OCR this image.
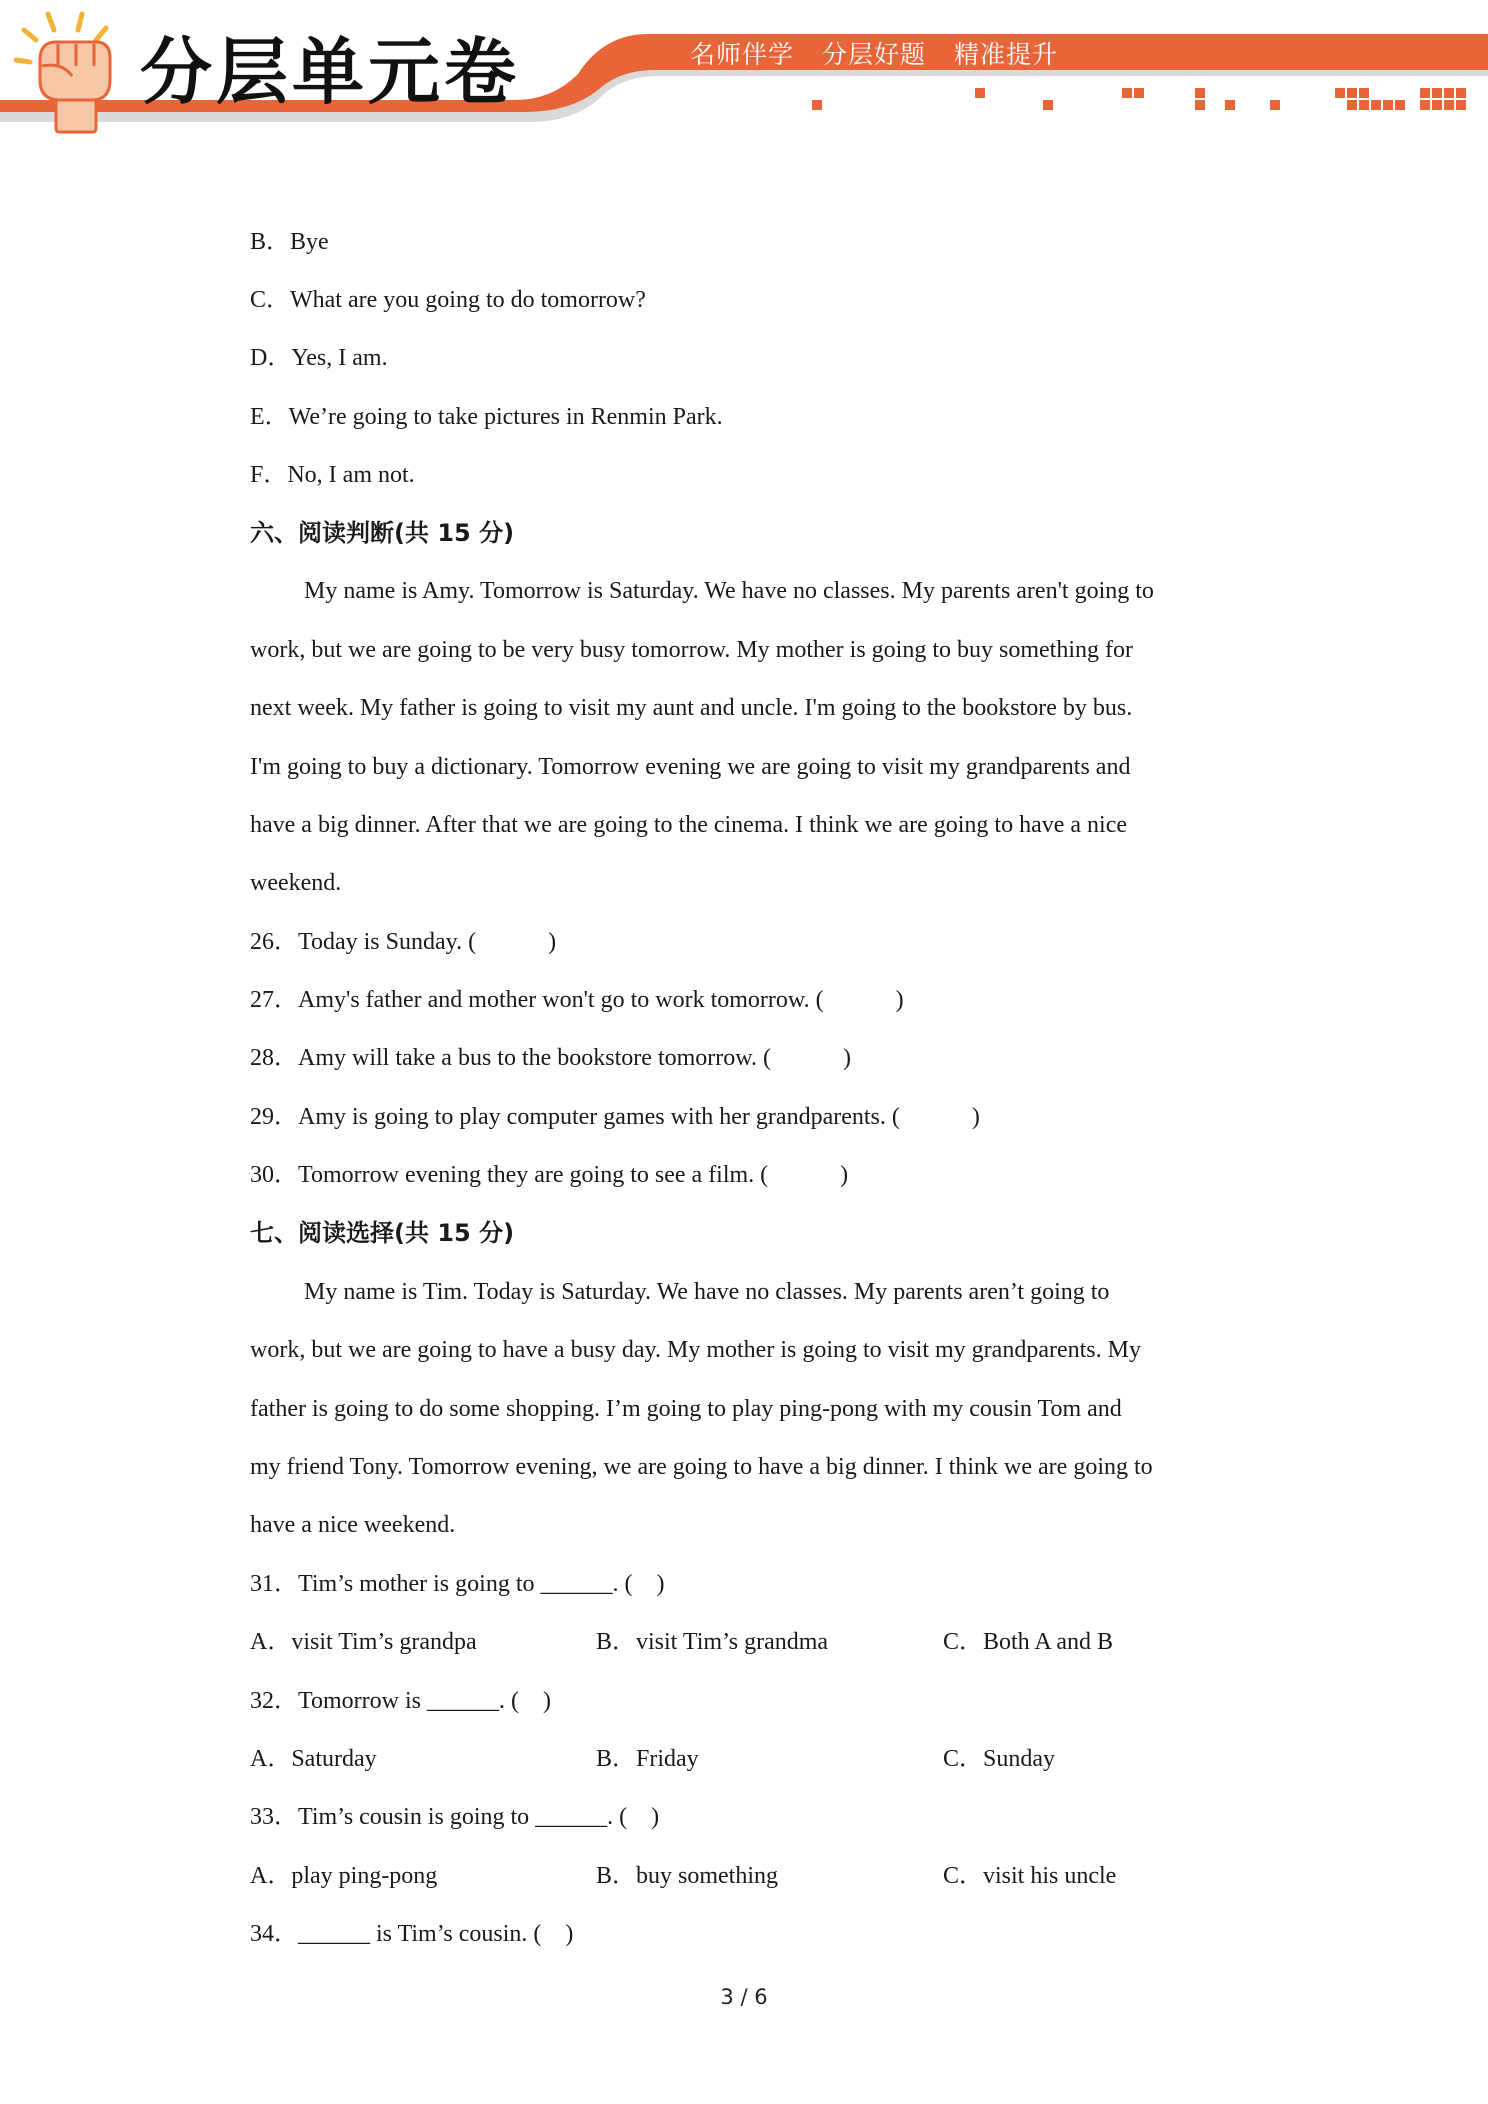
分层单元卷	名师伴学 分层好题 精准提升
B．Bye
C．What are you going to do tomorrow?
D．Yes, I am.
E．We’re going to take pictures in Renmin Park.
F．No, I am not.
六、阅读判断(共 15 分)
My name is Amy. Tomorrow is Saturday. We have no classes. My parents aren't going to
work, but we are going to be very busy tomorrow. My mother is going to buy something for
next week. My father is going to visit my aunt and uncle. I'm going to the bookstore by bus.
I'm going to buy a dictionary. Tomorrow evening we are going to visit my grandparents and
have a big dinner. After that we are going to the cinema. I think we are going to have a nice
weekend.
26．Today is Sunday. (　　　)
27．Amy's father and mother won't go to work tomorrow. (　　　)
28．Amy will take a bus to the bookstore tomorrow. (　　　)
29．Amy is going to play computer games with her grandparents. (　　　)
30．Tomorrow evening they are going to see a film. (　　　)
七、阅读选择(共 15 分)
My name is Tim. Today is Saturday. We have no classes. My parents aren’t going to
work, but we are going to have a busy day. My mother is going to visit my grandparents. My
father is going to do some shopping. I’m going to play ping-pong with my cousin Tom and
my friend Tony. Tomorrow evening, we are going to have a big dinner. I think we are going to
have a nice weekend.
31．Tim’s mother is going to ______. (　)
A．visit Tim’s grandpa	B．visit Tim’s grandma	C．Both A and B
32．Tomorrow is ______. (　)
A．Saturday	B．Friday	C．Sunday
33．Tim’s cousin is going to ______. (　)
A．play ping-pong	B．buy something	C．visit his uncle
34．______ is Tim’s cousin. (　)
3 / 6
